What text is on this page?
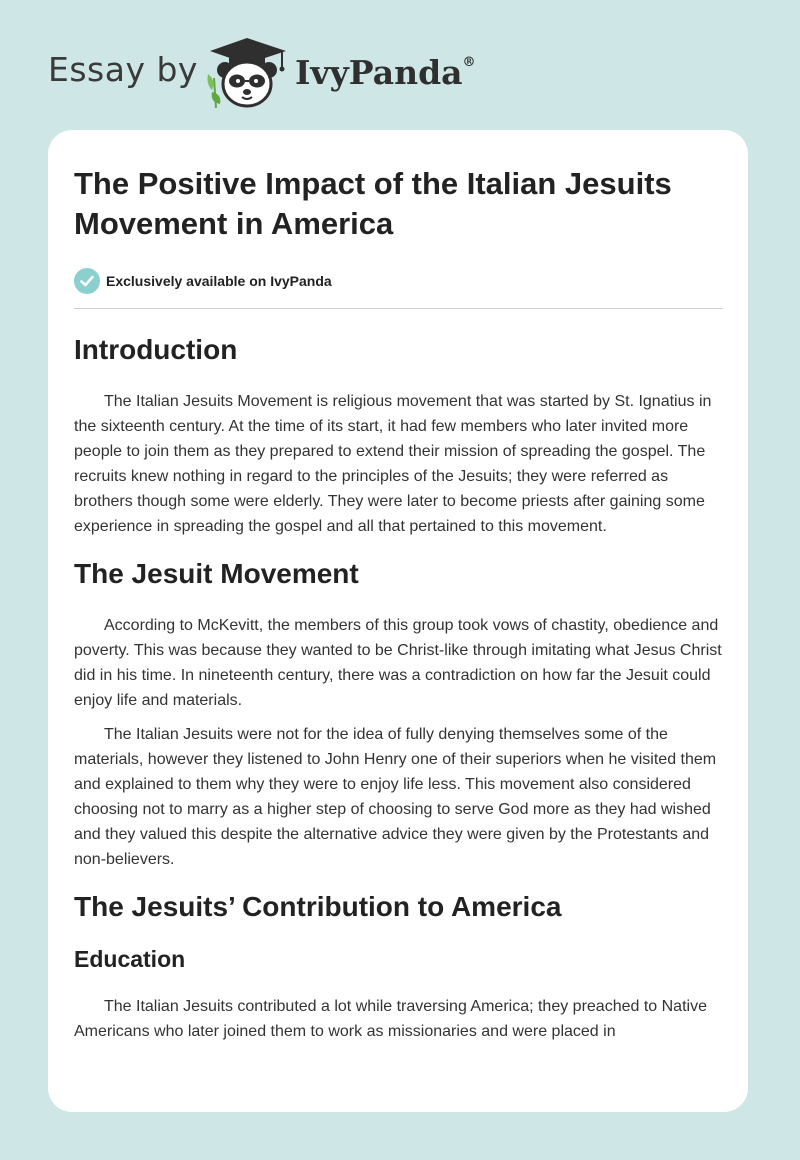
Essay by	IvyPanda®
The Positive Impact of the Italian Jesuits Movement in America
Exclusively available on IvyPanda
Introduction

The Italian Jesuits Movement is religious movement that was started by St. Ignatius in the sixteenth century. At the time of its start, it had few members who later invited more people to join them as they prepared to extend their mission of spreading the gospel. The recruits knew nothing in regard to the principles of the Jesuits; they were referred as brothers though some were elderly. They were later to become priests after gaining some experience in spreading the gospel and all that pertained to this movement.

The Jesuit Movement

According to McKevitt, the members of this group took vows of chastity, obedience and poverty. This was because they wanted to be Christ-like through imitating what Jesus Christ did in his time. In nineteenth century, there was a contradiction on how far the Jesuit could enjoy life and materials.

The Italian Jesuits were not for the idea of fully denying themselves some of the materials, however they listened to John Henry one of their superiors when he visited them and explained to them why they were to enjoy life less. This movement also considered choosing not to marry as a higher step of choosing to serve God more as they had wished and they valued this despite the alternative advice they were given by the Protestants and non-believers.

The Jesuits’ Contribution to America
Education

The Italian Jesuits contributed a lot while traversing America; they preached to Native Americans who later joined them to work as missionaries and were placed in
